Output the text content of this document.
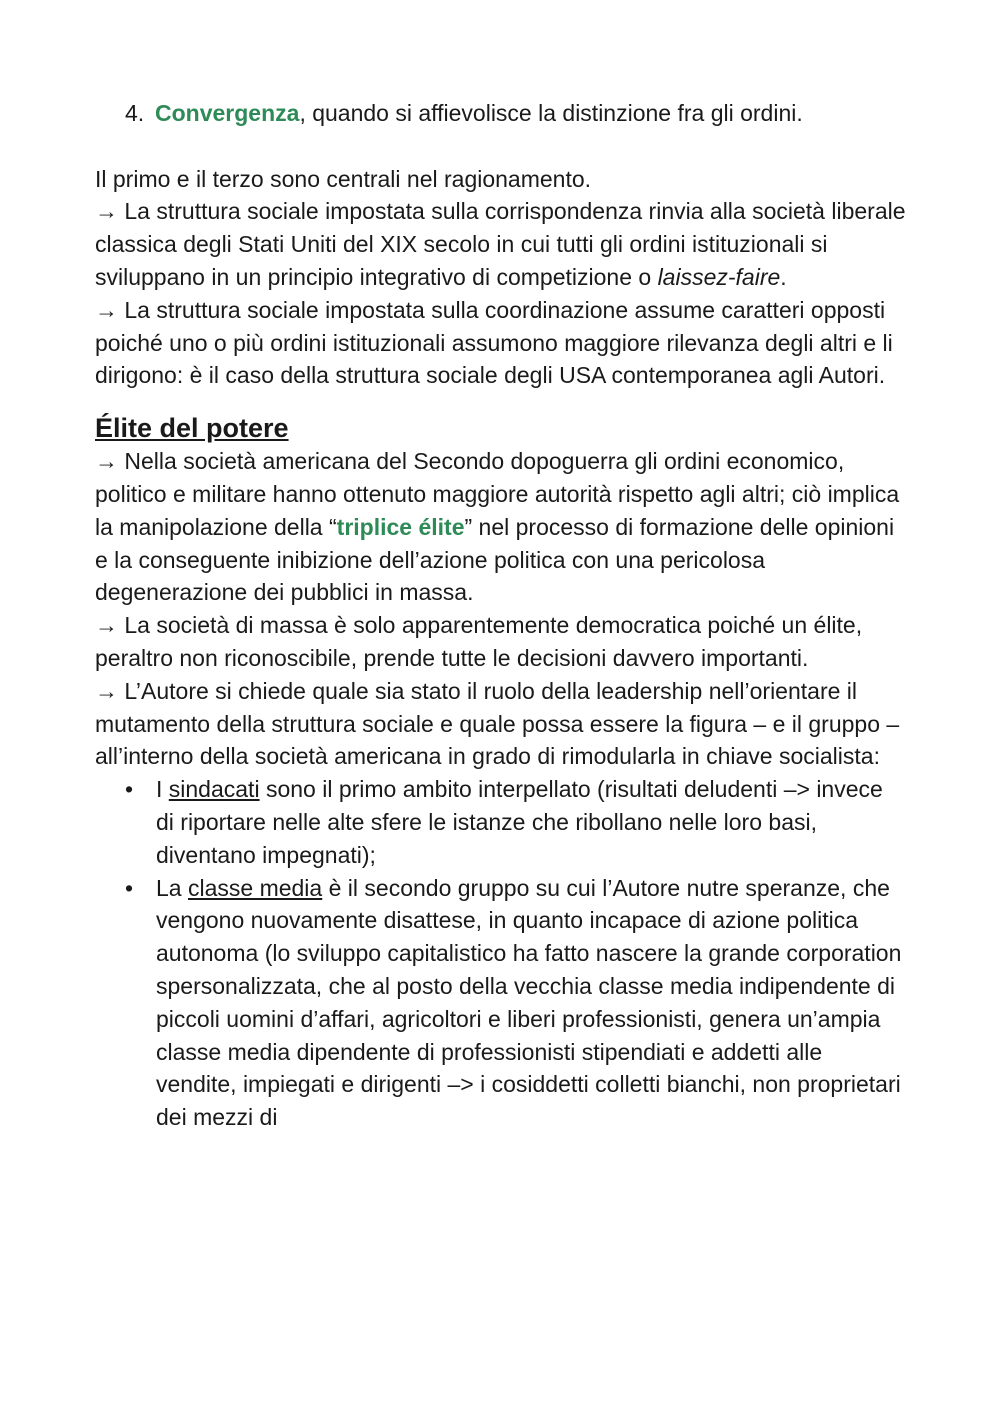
4. Convergenza, quando si affievolisce la distinzione fra gli ordini.

Il primo e il terzo sono centrali nel ragionamento.

→ La struttura sociale impostata sulla corrispondenza rinvia alla società liberale classica degli Stati Uniti del XIX secolo in cui tutti gli ordini istituzionali si sviluppano in un principio integrativo di competizione o laissez-faire.

→ La struttura sociale impostata sulla coordinazione assume caratteri opposti poiché uno o più ordini istituzionali assumono maggiore rilevanza degli altri e li dirigono: è il caso della struttura sociale degli USA contemporanea agli Autori.

Élite del potere

→ Nella società americana del Secondo dopoguerra gli ordini economico, politico e militare hanno ottenuto maggiore autorità rispetto agli altri; ciò implica la manipolazione della “triplice élite” nel processo di formazione delle opinioni e la conseguente inibizione dell’azione politica con una pericolosa degenerazione dei pubblici in massa.

→ La società di massa è solo apparentemente democratica poiché un élite, peraltro non riconoscibile, prende tutte le decisioni davvero importanti.

→ L’Autore si chiede quale sia stato il ruolo della leadership nell’orientare il mutamento della struttura sociale e quale possa essere la figura – e il gruppo – all’interno della società americana in grado di rimodularla in chiave socialista:

• I sindacati sono il primo ambito interpellato (risultati deludenti –> invece di riportare nelle alte sfere le istanze che ribollano nelle loro basi, diventano impegnati);
• La classe media è il secondo gruppo su cui l’Autore nutre speranze, che vengono nuovamente disattese, in quanto incapace di azione politica autonoma (lo sviluppo capitalistico ha fatto nascere la grande corporation spersonalizzata, che al posto della vecchia classe media indipendente di piccoli uomini d’affari, agricoltori e liberi professionisti, genera un’ampia classe media dipendente di professionisti stipendiati e addetti alle vendite, impiegati e dirigenti –> i cosiddetti colletti bianchi, non proprietari dei mezzi di
